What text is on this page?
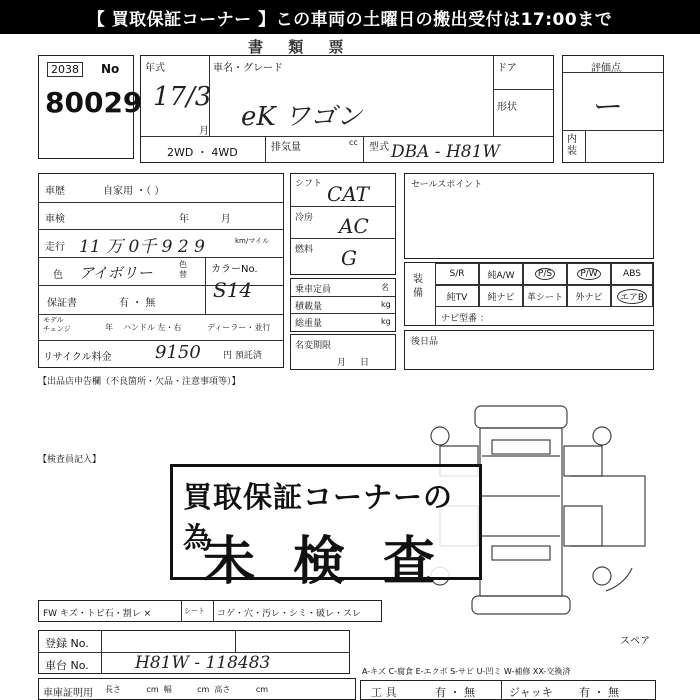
【 買取保証コーナー 】この車両の土曜日の搬出受付は17:00まで
書 類 票
2038	No
80029
年式
17/3
月
車名・グレード
eK ワゴン
ドア
形状
2WD ・ 4WD	排気量	cc 型式 DBA - H81W
評価点
ー
内
装
車歴	自家用 ・（ ）
車検	年          月
走行 11 万 0千 9 2 9	km/マイル
色 アイボリー	色
替 カラーNo.
S14
保証書	有 ・ 無
モデル
チェンジ	年 ハンドル 左・右	ディーラー・並行
リサイクル料金 9150 円 預託済
シフト CAT
冷房 AC
燃料 G
乗車定員	名
積載量	kg
総重量	kg
名変期限
月日
セールスポイント
装
備
S/R	純A/W	P/S	P/W	ABS
純TV	純ナビ	革シート	外ナビ	エアB
ナビ型番 ：
後日品
【出品店申告欄（不良箇所・欠品・注意事項等）】
【検査員記入】
買取保証コーナーの為
未検査
FW キズ・トビ石・割レ ×	シート コゲ・穴・汚レ・シミ・破レ・スレ
登録 No.
車台 No.	H81W - 118483
車庫証明用 長さ          cm  幅          cm  高さ          cm
スペア
A-キズ C-腐食 E-エクボ S-サビ U-凹ミ W-補修 XX-交換済
工 具	有 ・ 無	ジャッキ 有 ・ 無
